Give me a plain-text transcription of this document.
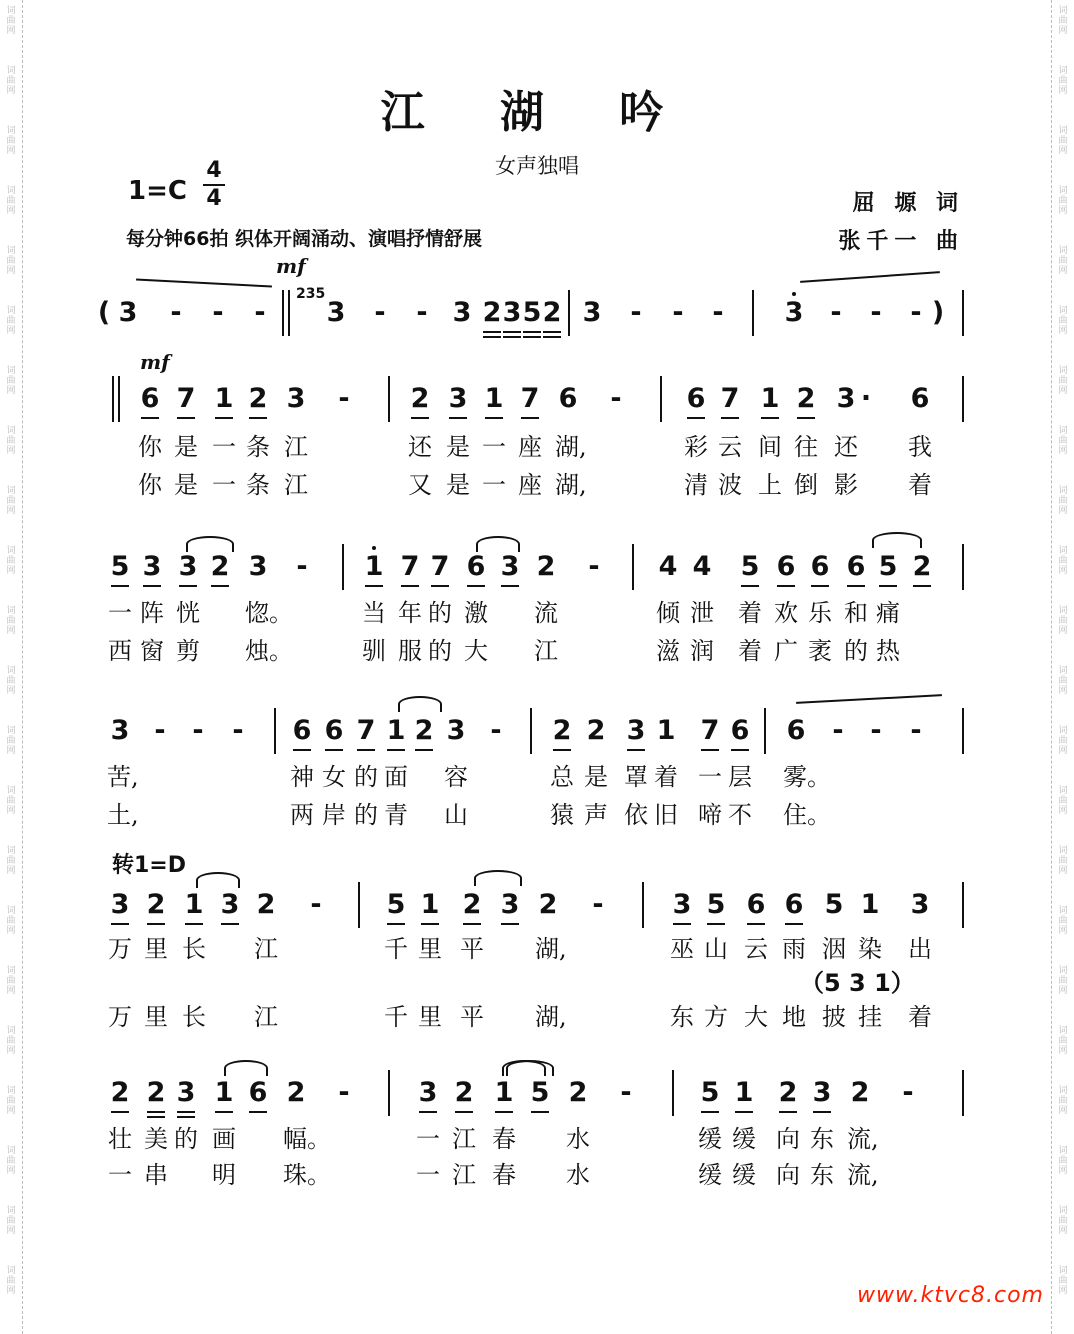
词
曲
网
词
曲
网
词
曲
网
词
曲
网
词
曲
网
词
曲
网
词
曲
网
词
曲
网
词
曲
网
词
曲
网
词
曲
网
词
曲
网
词
曲
网
词
曲
网
词
曲
网
词
曲
网
词
曲
网
词
曲
网
词
曲
网
词
曲
网
词
曲
网
词
曲
网
词
曲
网
词
曲
网
词
曲
网
词
曲
网
词
曲
网
词
曲
网
词
曲
网
词
曲
网
词
曲
网
词
曲
网
词
曲
网
词
曲
网
词
曲
网
词
曲
网
词
曲
网
词
曲
网
词
曲
网
词
曲
网
词
曲
网
词
曲
网
词
曲
网
词
曲
网
江 湖 吟
女声独唱
1=C
4
4
每分钟66拍 织体开阔涌动、演唱抒情舒展
屈 塬 词
张千一 曲
mf
235
mf
转1=D
( 3 - - - 3 - - 3 2 3 5 2 3 - - - 3 - - - )
6 7 1 2 3 - 2 3 1 7 6 - 6 7 1 2 3 · 6
5 3 3 2 3 - 1 7 7 6 3 2 - 4 4 5 6 6 6 5 2
3 - - - 6 6 7 1 2 3 - 2 2 3 1 7 6 6 - - -
3 2 1 3 2 - 5 1 2 3 2 -	3 5 6 6 5 1 3
2 2 3 1 6 2 -	3 2 1 5 2 -	5 1 2 3 2 -
（5 3 1）
www.ktvc8.com
你 是 一 条 江	还 是 一 座 湖,	彩 云 间 往 还 我
你 是 一 条 江	又 是 一 座 湖,	清 波 上 倒 影 着
一 阵 恍 惚。	当 年 的 激 流	倾 泄 着 欢 乐 和 痛
西 窗 剪 烛。	驯 服 的 大 江	滋 润 着 广 袤 的 热
苦,	神 女 的 面 容	总 是 罩 着 一 层 雾。
土,	两 岸 的 青 山	猿 声 依 旧 啼 不 住。
万 里 长 江	千 里 平 湖,	巫 山 云 雨 洇 染 出
万 里 长 江	千 里 平 湖,	东 方 大 地 披 挂 着
壮 美 的 画 幅。	一 江 春 水	缓 缓 向 东 流,
一 串 明 珠。	一 江 春 水	缓 缓 向 东 流,
